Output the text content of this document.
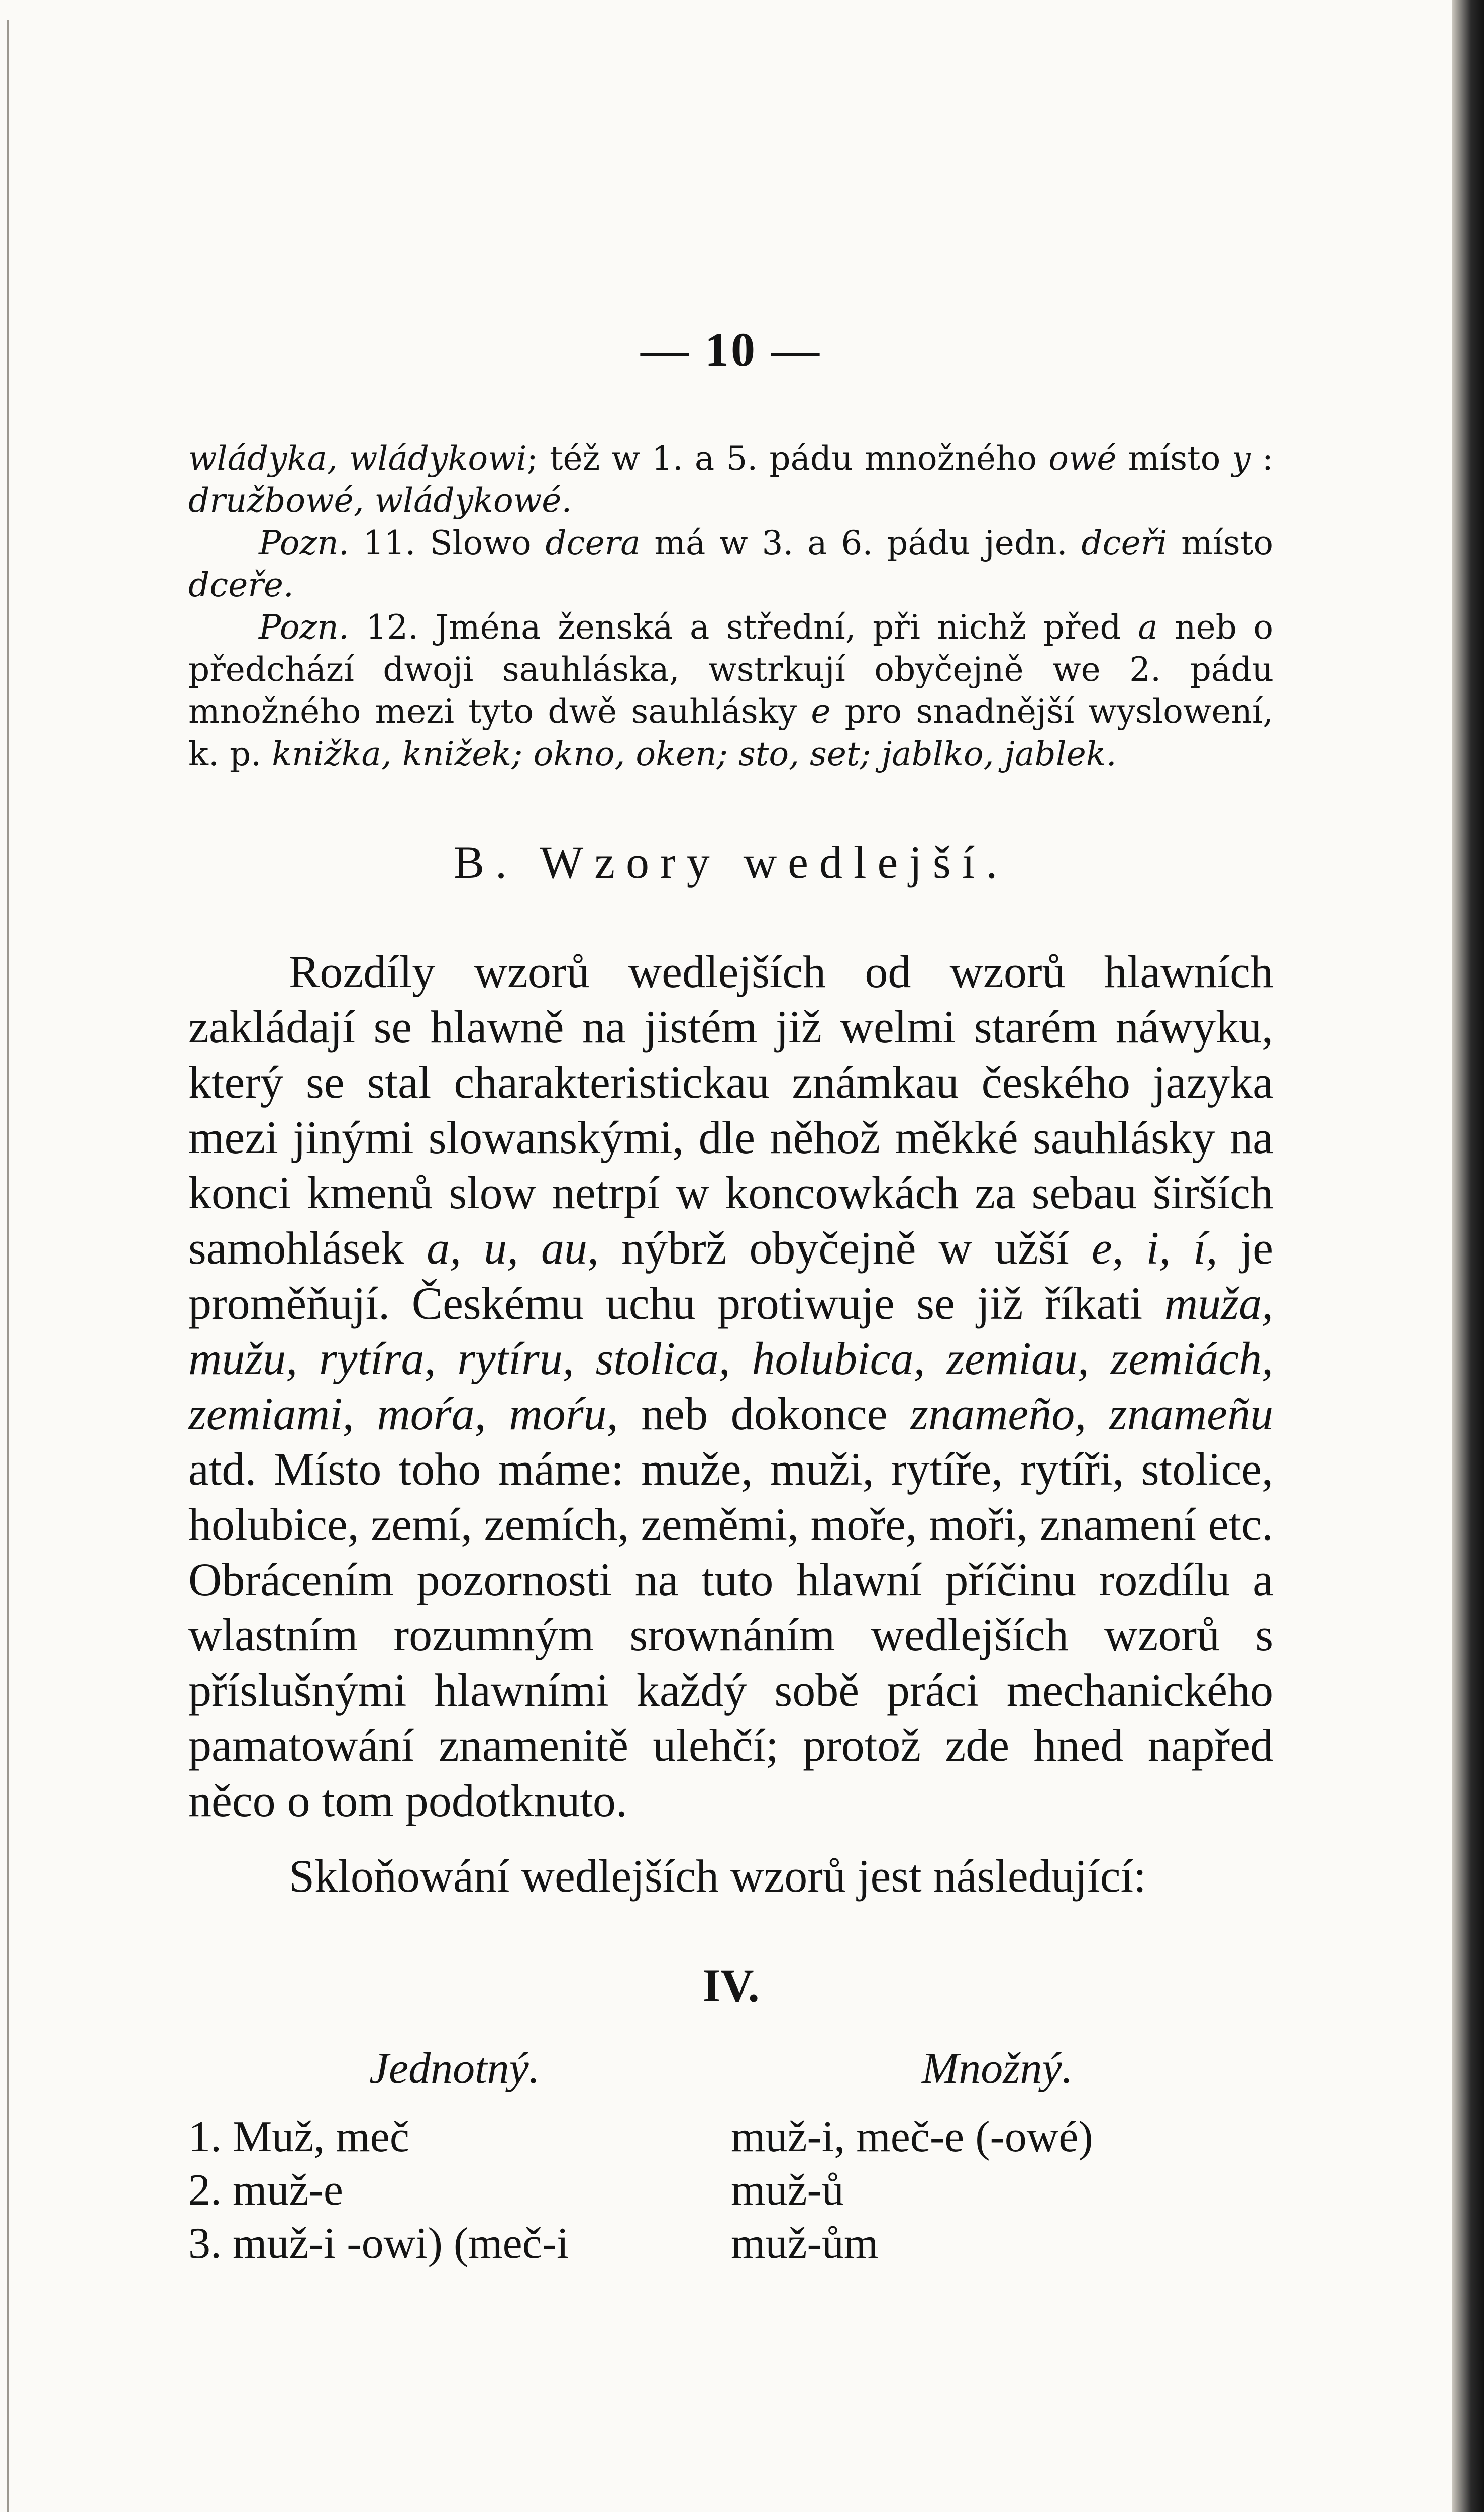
— 10 —

wládyka, wládykowi; též w 1. a 5. pádu množného owé místo y : družbowé, wládykowé.

Pozn. 11. Slowo dcera má w 3. a 6. pádu jedn. dceři místo dceře.

Pozn. 12. Jména ženská a střední, při nichž před a neb o předchází dwoji sauhláska, wstrkují obyčejně we 2. pádu množného mezi tyto dwě sauhlásky e pro snadnější wyslowení, k. p. knižka, knižek; okno, oken; sto, set; jablko, jablek.

B. Wzory wedlejší.

Rozdíly wzorů wedlejších od wzorů hlawních zakládají se hlawně na jistém již welmi starém náwyku, který se stal charakteristickau známkau českého jazyka mezi jinými slowanskými, dle něhož měkké sauhlásky na konci kmenů slow netrpí w koncowkách za sebau širších samohlásek a, u, au, nýbrž obyčejně w užší e, i, í, je proměňují. Českému uchu protiwuje se již říkati muža, mužu, rytíra, rytíru, stolica, holubica, zemiau, zemiách, zemiami, moŕa, moŕu, neb dokonce znameño, znameñu atd. Místo toho máme: muže, muži, rytíře, rytíři, stolice, holubice, zemí, zemích, zeměmi, moře, moři, znamení etc. Obrácením pozornosti na tuto hlawní příčinu rozdílu a wlastním rozumným srownáním wedlejších wzorů s příslušnými hlawními každý sobě práci mechanického pamatowání znamenitě ulehčí; protož zde hned napřed něco o tom podotknuto.

Skloňowání wedlejších wzorů jest následující:

IV.
Jednotný.	Množný.
1. Muž, meč	muž-i, meč-e (-owé)
2. muž-e	muž-ů
3. muž-i -owi) (meč-i	muž-ům
